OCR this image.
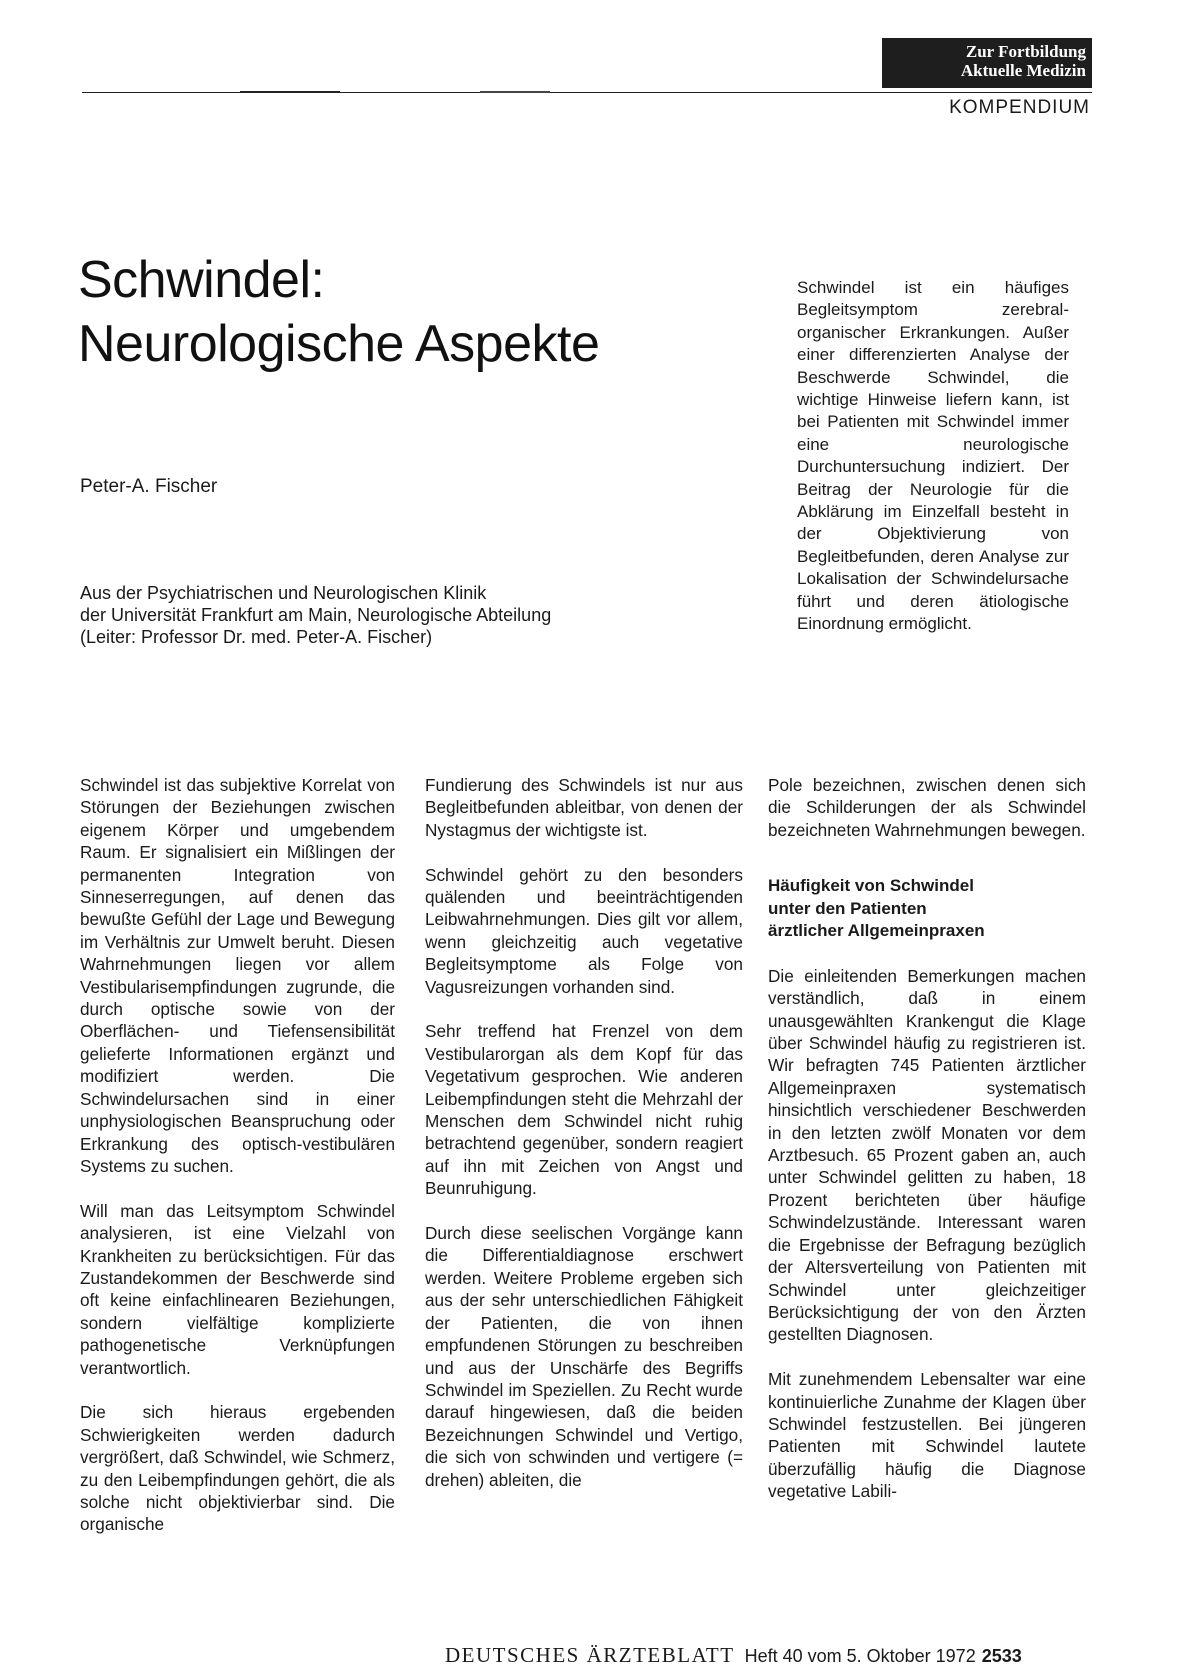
Zur Fortbildung
Aktuelle Medizin
KOMPENDIUM
Schwindel:
Neurologische Aspekte
Peter-A. Fischer
Aus der Psychiatrischen und Neurologischen Klinik
der Universität Frankfurt am Main, Neurologische Abteilung
(Leiter: Professor Dr. med. Peter-A. Fischer)

Schwindel ist ein häufiges Begleitsymptom zerebral-organischer Erkrankungen. Außer einer differenzierten Analyse der Beschwerde Schwindel, die wichtige Hinweise liefern kann, ist bei Patienten mit Schwindel immer eine neurologische Durchuntersuchung indiziert. Der Beitrag der Neurologie für die Abklärung im Einzelfall besteht in der Objektivierung von Begleitbefunden, deren Analyse zur Lokalisation der Schwindelursache führt und deren ätiologische Einordnung ermöglicht.

Schwindel ist das subjektive Korrelat von Störungen der Beziehungen zwischen eigenem Körper und umgebendem Raum. Er signalisiert ein Mißlingen der permanenten Integration von Sinneserregungen, auf denen das bewußte Gefühl der Lage und Bewegung im Verhältnis zur Umwelt beruht. Diesen Wahrnehmungen liegen vor allem Vestibularisempfindungen zugrunde, die durch optische sowie von der Oberflächen- und Tiefensensibilität gelieferte Informationen ergänzt und modifiziert werden. Die Schwindelursachen sind in einer unphysiologischen Beanspruchung oder Erkrankung des optisch-vestibulären Systems zu suchen.

Will man das Leitsymptom Schwindel analysieren, ist eine Vielzahl von Krankheiten zu berücksichtigen. Für das Zustandekommen der Beschwerde sind oft keine einfachlinearen Beziehungen, sondern vielfältige komplizierte pathogenetische Verknüpfungen verantwortlich.

Die sich hieraus ergebenden Schwierigkeiten werden dadurch vergrößert, daß Schwindel, wie Schmerz, zu den Leibempfindungen gehört, die als solche nicht objektivierbar sind. Die organische

Fundierung des Schwindels ist nur aus Begleitbefunden ableitbar, von denen der Nystagmus der wichtigste ist.

Schwindel gehört zu den besonders quälenden und beeinträchtigenden Leibwahrnehmungen. Dies gilt vor allem, wenn gleichzeitig auch vegetative Begleitsymptome als Folge von Vagusreizungen vorhanden sind.

Sehr treffend hat Frenzel von dem Vestibularorgan als dem Kopf für das Vegetativum gesprochen. Wie anderen Leibempfindungen steht die Mehrzahl der Menschen dem Schwindel nicht ruhig betrachtend gegenüber, sondern reagiert auf ihn mit Zeichen von Angst und Beunruhigung.

Durch diese seelischen Vorgänge kann die Differentialdiagnose erschwert werden. Weitere Probleme ergeben sich aus der sehr unterschiedlichen Fähigkeit der Patienten, die von ihnen empfundenen Störungen zu beschreiben und aus der Unschärfe des Begriffs Schwindel im Speziellen. Zu Recht wurde darauf hingewiesen, daß die beiden Bezeichnungen Schwindel und Vertigo, die sich von schwinden und vertigere (= drehen) ableiten, die

Pole bezeichnen, zwischen denen sich die Schilderungen der als Schwindel bezeichneten Wahrnehmungen bewegen.

Häufigkeit von Schwindel
unter den Patienten
ärztlicher Allgemeinpraxen

Die einleitenden Bemerkungen machen verständlich, daß in einem unausgewählten Krankengut die Klage über Schwindel häufig zu registrieren ist. Wir befragten 745 Patienten ärztlicher Allgemeinpraxen systematisch hinsichtlich verschiedener Beschwerden in den letzten zwölf Monaten vor dem Arztbesuch. 65 Prozent gaben an, auch unter Schwindel gelitten zu haben, 18 Prozent berichteten über häufige Schwindelzustände. Interessant waren die Ergebnisse der Befragung bezüglich der Altersverteilung von Patienten mit Schwindel unter gleichzeitiger Berücksichtigung der von den Ärzten gestellten Diagnosen.

Mit zunehmendem Lebensalter war eine kontinuierliche Zunahme der Klagen über Schwindel festzustellen. Bei jüngeren Patienten mit Schwindel lautete überzufällig häufig die Diagnose vegetative Labili-

DEUTSCHES ÄRZTEBLATT Heft 40 vom 5. Oktober 1972 2533
